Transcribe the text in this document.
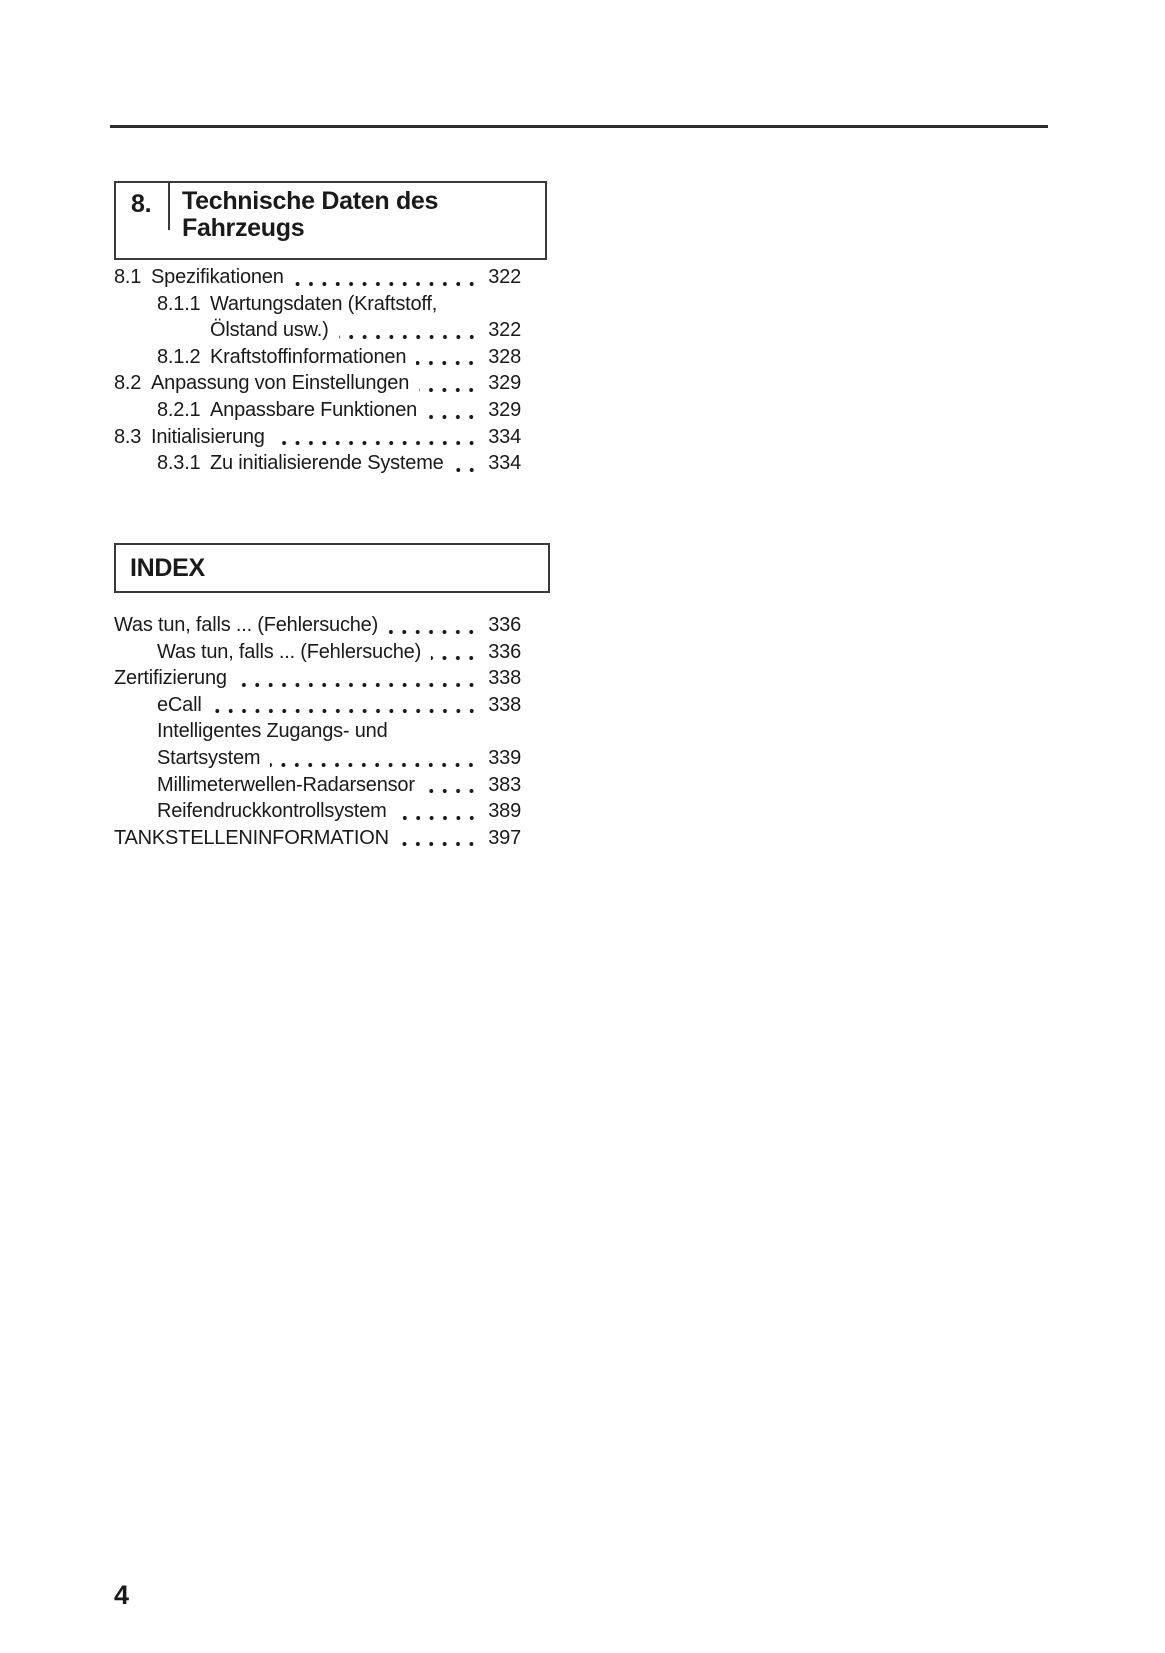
8. Technische Daten des
Fahrzeugs
8.1 Spezifikationen	322
8.1.1 Wartungsdaten (Kraftstoff,
Ölstand usw.)	322
8.1.2 Kraftstoffinformationen	328
8.2 Anpassung von Einstellungen	329
8.2.1 Anpassbare Funktionen	329
8.3 Initialisierung	334
8.3.1 Zu initialisierende Systeme	334
INDEX
Was tun, falls ... (Fehlersuche)	336
Was tun, falls ... (Fehlersuche)	336
Zertifizierung	338
eCall	338
Intelligentes Zugangs- und
Startsystem	339
Millimeterwellen-Radarsensor	383
Reifendruckkontrollsystem	389
TANKSTELLENINFORMATION	397
4
